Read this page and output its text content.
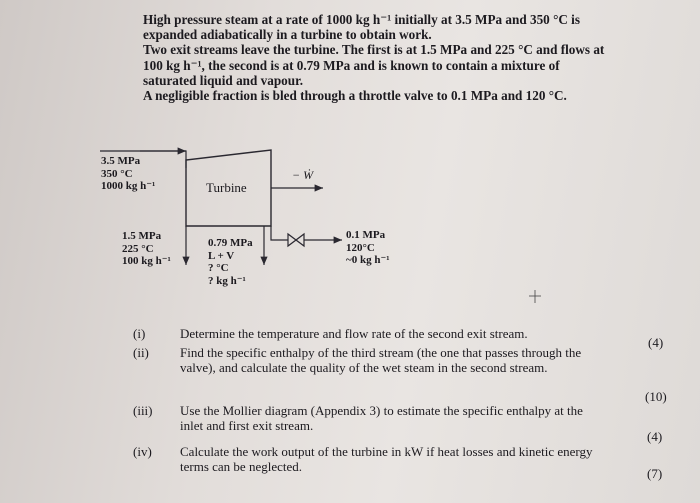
High pressure steam at a rate of 1000 kg h⁻¹ initially at 3.5 MPa and 350 °C is

expanded adiabatically in a turbine to obtain work.

Two exit streams leave the turbine. The first is at 1.5 MPa and 225 °C and flows at

100 kg h⁻¹, the second is at 0.79 MPa and is known to contain a mixture of

saturated liquid and vapour.

A negligible fraction is bled through a throttle valve to 0.1 MPa and 120 °C.

Turbine
− Ẇ
3.5 MPa
350 °C
1000 kg h⁻¹
1.5 MPa
225 °C
100 kg h⁻¹
0.79 MPa
L + V
? °C
? kg h⁻¹
0.1 MPa
120°C
~0 kg h⁻¹
(i)	Determine the temperature and flow rate of the second exit stream.
(ii)	Find the specific enthalpy of the third stream (the one that passes through the valve), and calculate the quality of the wet steam in the second stream.
(iii)	Use the Mollier diagram (Appendix 3) to estimate the specific enthalpy at the inlet and first exit stream.
(iv)	Calculate the work output of the turbine in kW if heat losses and kinetic energy terms can be neglected.
(4)
(10)
(4)
(7)
